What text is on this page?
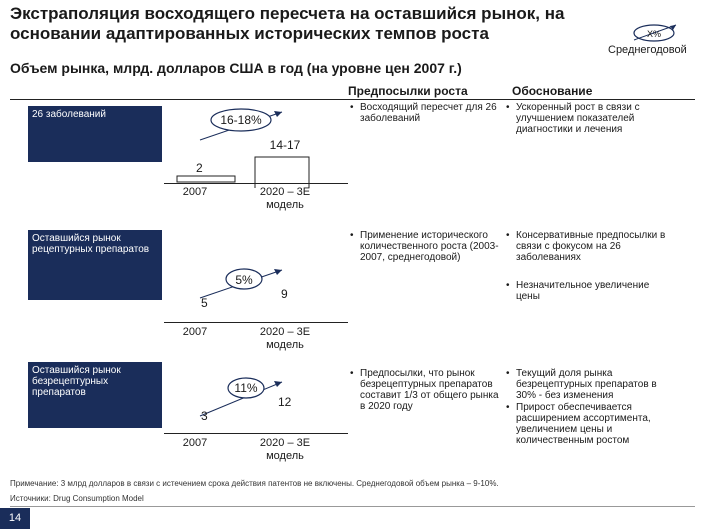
Экстраполяция восходящего пересчета на оставшийся рынок, на основании адаптированных исторических темпов роста
Объем рынка, млрд. долларов США в год (на уровне цен 2007 г.)
X%
Среднегодовой
Предпосылки роста	Обоснование
26 заболеваний	16-18%
14-17
2
2007	2020 – 3E модель
• Восходящий пересчет для 26 заболеваний
• Ускоренный рост в связи с улучшением показателей диагностики и лечения
Оставшийся рынок рецептурных препаратов
5%
9
5
2007	2020 – 3E модель
• Применение исторического количественного роста (2003-2007, среднегодовой)
• Консервативные предпосылки в связи с фокусом на 26 заболеваниях
• Незначительное увеличение цены
Оставшийся рынок безрецептурных препаратов	11%
12
3
2007	2020 – 3E модель
• Предпосылки, что рынок безрецептурных препаратов составит 1/3 от общего рынка в 2020 году
• Текущий доля рынка безрецептурных препаратов в 30% - без изменения
• Прирост обеспечивается расширением ассортимента, увеличением цены и количественным ростом
Примечание: 3 млрд долларов в связи с истечением срока действия патентов не включены. Среднегодовой объем рынка – 9-10%.
Источники: Drug Consumption Model
14
